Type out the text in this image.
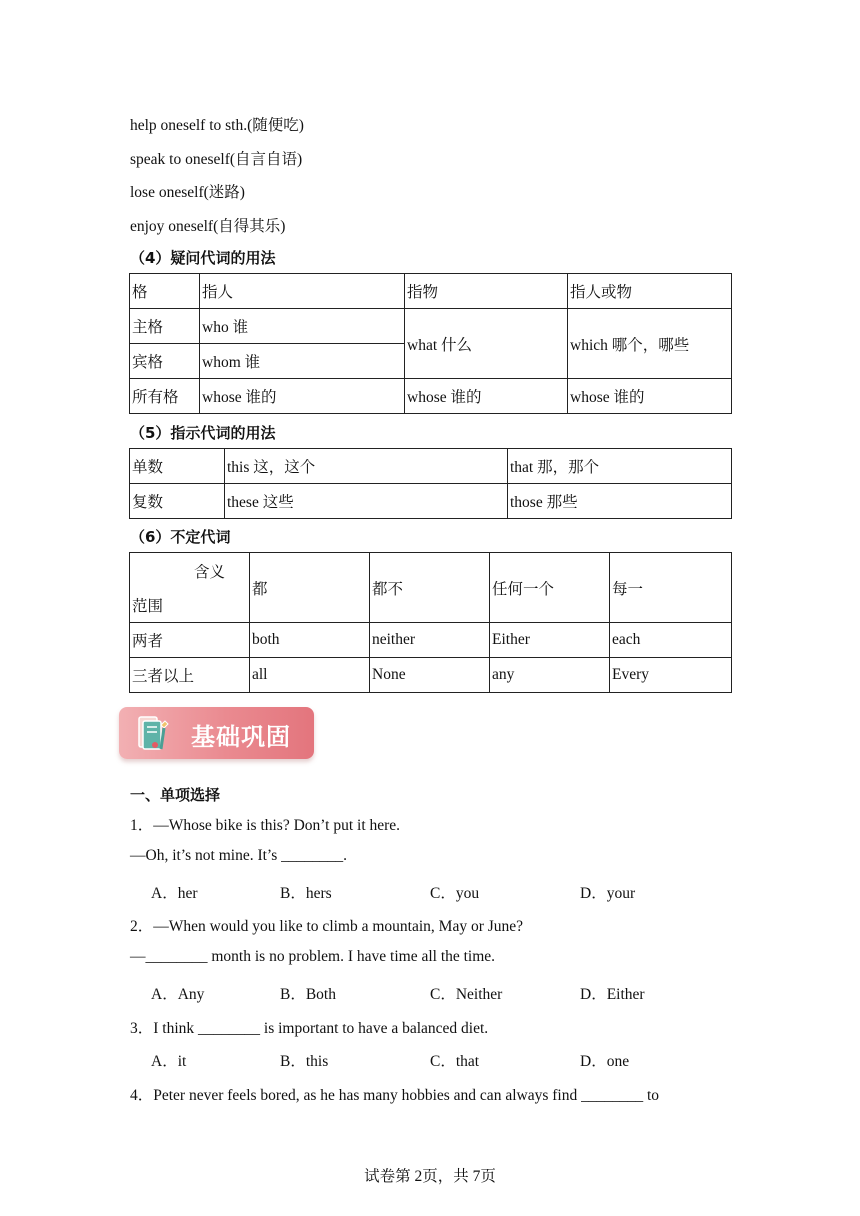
help oneself to sth.(随便吃)
speak to oneself(自言自语)
lose oneself(迷路)
enjoy oneself(自得其乐)
（4）疑问代词的用法
格	指人	指物	指人或物
主格	who 谁	what 什么	which 哪个，哪些
宾格	whom 谁		
所有格	whose 谁的	whose 谁的	whose 谁的
（5）指示代词的用法
单数	this 这，这个	that 那，那个
复数	these 这些	those 那些
（6）不定代词
含义
范围	都	都不	任何一个	每一
两者	both	neither	Either	each
三者以上	all	None	any	Every
基础巩固
一、单项选择
1．—Whose bike is this? Don’t put it here.
—Oh, it’s not mine. It’s ________.
A．her	B．hers	C．you	D．your
2．—When would you like to climb a mountain, May or June?
—________ month is no problem. I have time all the time.
A．Any	B．Both	C．Neither	D．Either
3．I think ________ is important to have a balanced diet.
A．it	B．this	C．that	D．one
4．Peter never feels bored, as he has many hobbies and can always find ________ to
试卷第 2页，共 7页
